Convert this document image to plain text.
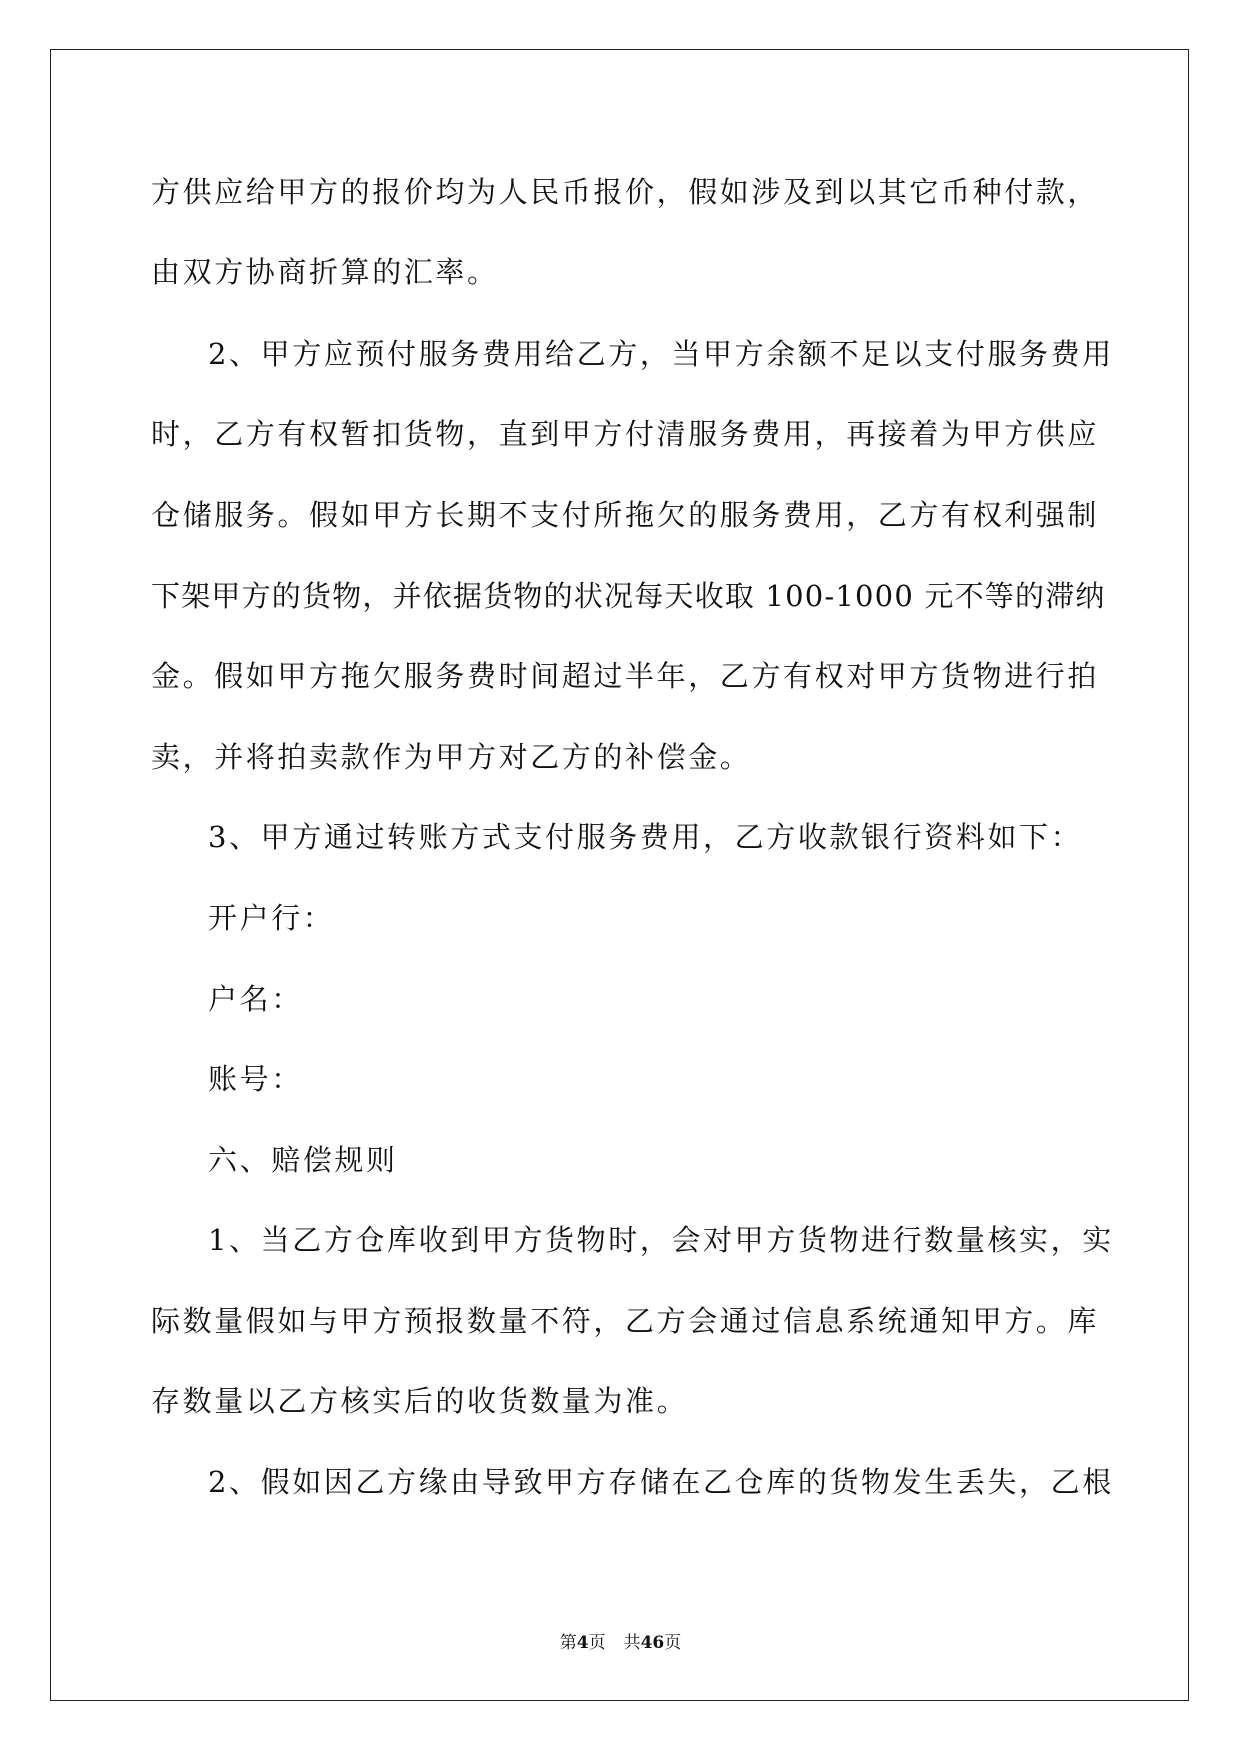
方供应给甲方的报价均为人民币报价，假如涉及到以其它币种付款，
由双方协商折算的汇率。
2、甲方应预付服务费用给乙方，当甲方余额不足以支付服务费用
时，乙方有权暂扣货物，直到甲方付清服务费用，再接着为甲方供应
仓储服务。假如甲方长期不支付所拖欠的服务费用，乙方有权利强制
下架甲方的货物，并依据货物的状况每天收取 100-1000 元不等的滞纳
金。假如甲方拖欠服务费时间超过半年，乙方有权对甲方货物进行拍
卖，并将拍卖款作为甲方对乙方的补偿金。
3、甲方通过转账方式支付服务费用，乙方收款银行资料如下：
开户行：
户名：
账号：
六、赔偿规则
1、当乙方仓库收到甲方货物时，会对甲方货物进行数量核实，实
际数量假如与甲方预报数量不符，乙方会通过信息系统通知甲方。库
存数量以乙方核实后的收货数量为准。
2、假如因乙方缘由导致甲方存储在乙仓库的货物发生丢失，乙根
第4页 共46页
